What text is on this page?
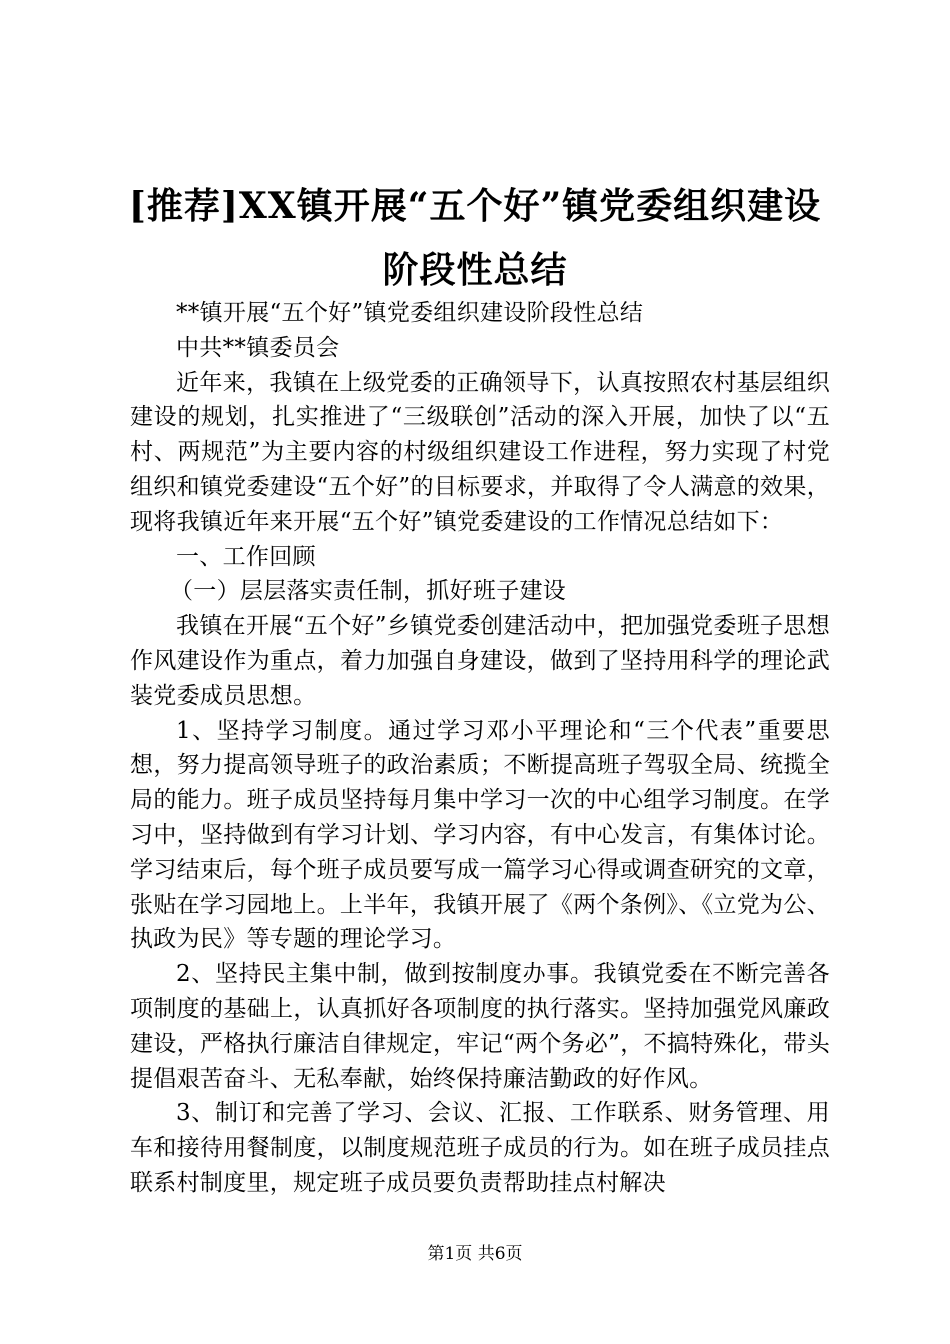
[推荐]XX镇开展“五个好”镇党委组织建设
阶段性总结

**镇开展“五个好”镇党委组织建设阶段性总结

中共**镇委员会

近年来，我镇在上级党委的正确领导下，认真按照农村基层组织建设的规划，扎实推进了“三级联创”活动的深入开展，加快了以“五村、两规范”为主要内容的村级组织建设工作进程，努力实现了村党组织和镇党委建设“五个好”的目标要求，并取得了令人满意的效果，现将我镇近年来开展“五个好”镇党委建设的工作情况总结如下：

一、工作回顾

（一）层层落实责任制，抓好班子建设

我镇在开展“五个好”乡镇党委创建活动中，把加强党委班子思想作风建设作为重点，着力加强自身建设，做到了坚持用科学的理论武装党委成员思想。

1、坚持学习制度。通过学习邓小平理论和“三个代表”重要思想，努力提高领导班子的政治素质；不断提高班子驾驭全局、统揽全局的能力。班子成员坚持每月集中学习一次的中心组学习制度。在学习中，坚持做到有学习计划、学习内容，有中心发言，有集体讨论。学习结束后，每个班子成员要写成一篇学习心得或调查研究的文章，张贴在学习园地上。上半年，我镇开展了《两个条例》、《立党为公、执政为民》等专题的理论学习。

2、坚持民主集中制，做到按制度办事。我镇党委在不断完善各项制度的基础上，认真抓好各项制度的执行落实。坚持加强党风廉政建设，严格执行廉洁自律规定，牢记“两个务必”，不搞特殊化，带头提倡艰苦奋斗、无私奉献，始终保持廉洁勤政的好作风。

3、制订和完善了学习、会议、汇报、工作联系、财务管理、用车和接待用餐制度，以制度规范班子成员的行为。如在班子成员挂点联系村制度里，规定班子成员要负责帮助挂点村解决

第1页 共6页
